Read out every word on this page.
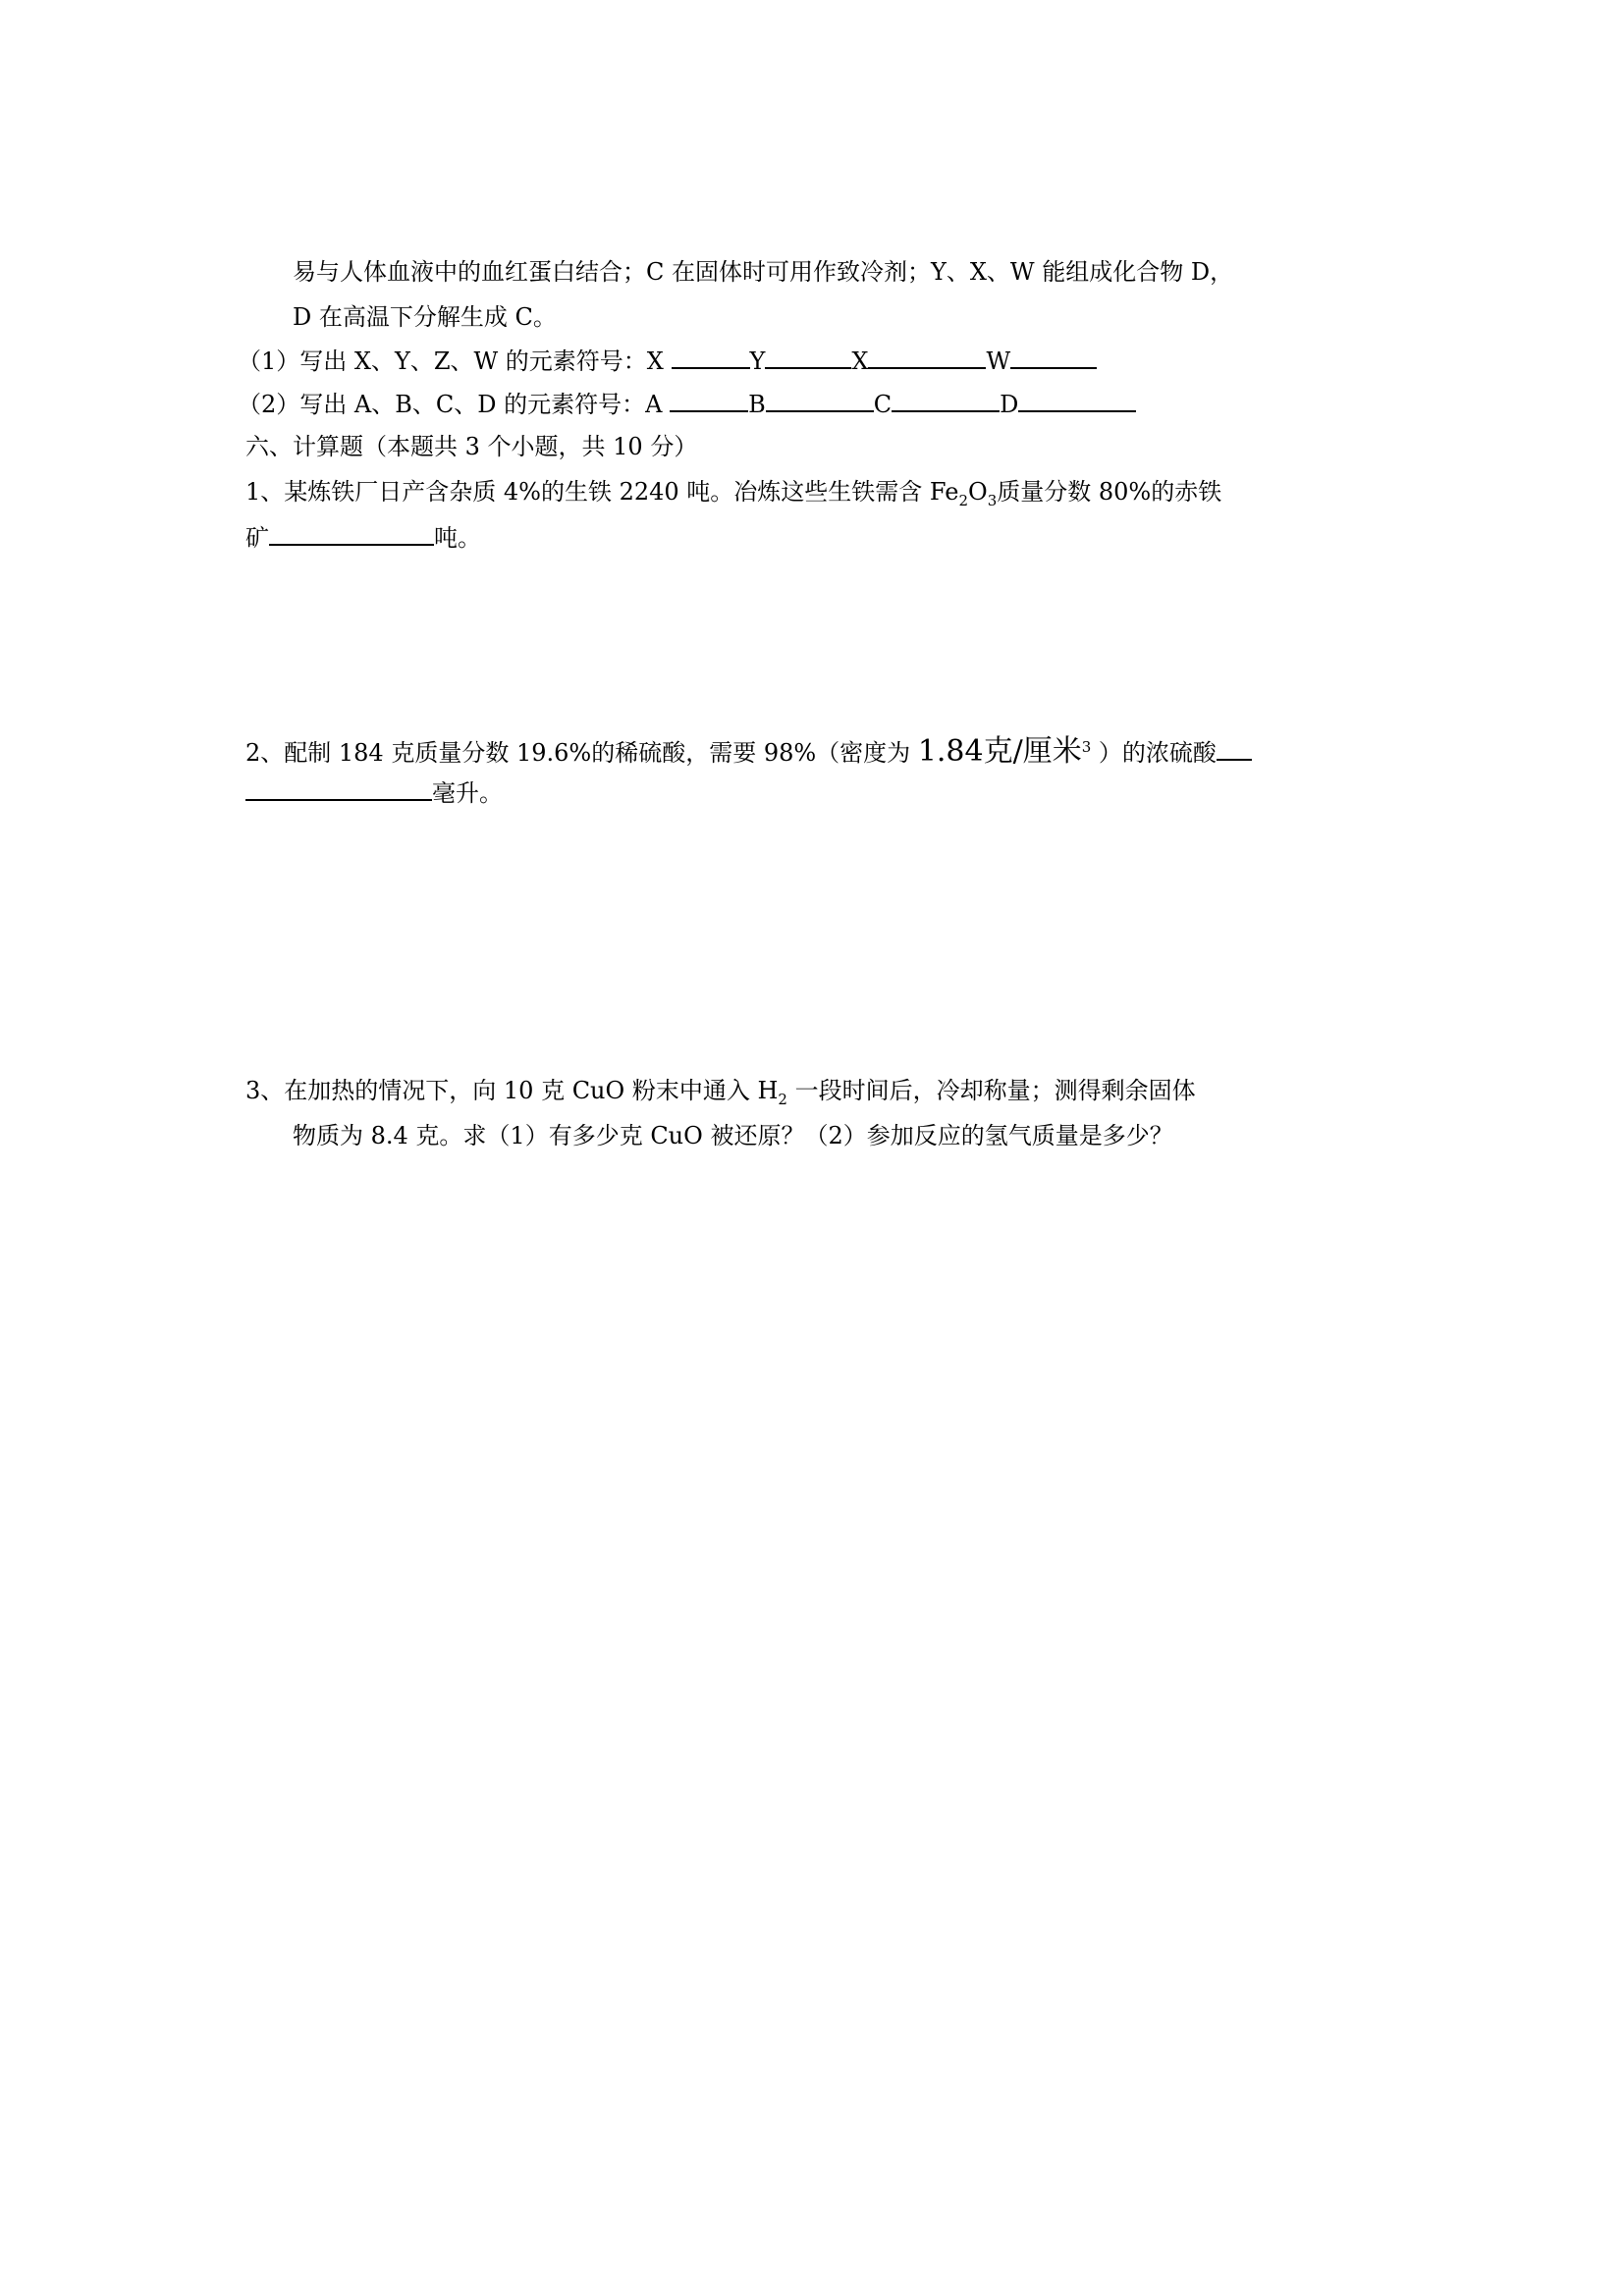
易与人体血液中的血红蛋白结合；C 在固体时可用作致冷剂；Y、X、W 能组成化合物 D，
D 在高温下分解生成 C。
（1）写出 X、Y、Z、W 的元素符号：X	Y	X	W
（2）写出 A、B、C、D 的元素符号：A	B	C	D
六、计算题（本题共 3 个小题，共 10 分）
1、某炼铁厂日产含杂质 4%的生铁 2240 吨。冶炼这些生铁需含 $Fe_2O_3$质量分数 80%的赤铁
矿	吨。
2、配制 184 克质量分数 19.6%的稀硫酸，需要 98%（密度为 1.84克/厘米$^3$ ）的浓硫酸
毫升。
3、在加热的情况下，向 10 克 CuO 粉末中通入 $H_2$ 一段时间后，冷却称量；测得剩余固体
物质为 8.4 克。求（1）有多少克 CuO 被还原？（2）参加反应的氢气质量是多少？
